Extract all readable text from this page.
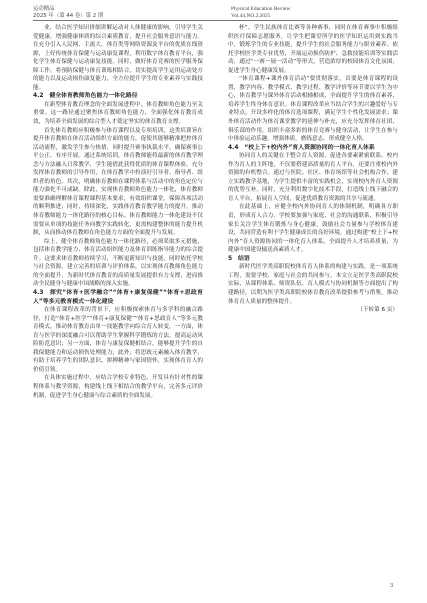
运动精品
2025 年（第 44 卷）第 2 期
Physical Education Review
Vol.44,NO.2,2025

业，结合医学知识拼细讲解运动对人体健康的影响，引导学生关爱健康，增强健康体质的综合素质教育，提升社会服务意识与能力。在充分引入人民网、主流大、体育类等网络资源及平台的优质在线资源，上好传统体育保健与运动康复课程，利用数字体育教育平台，强化学生体育保健与运动康复技能。同时，做好体育竞赛的医学服务保障工作，将预防保健与体育训练相结合，切实提高学生运用运动处方的能力以及运动损伤康复能力，全方位提升学生的专业素养与实践技能。

4.2　健全体育教师角色能力一体化路径

在新型体育教育理念的全面发展进程中，体育教师角色能力至关重要。这一路径通过聚焦体育教师角色能力，全面强化体育教育成效，为培养全面发展的综合型人才奠定坚实的体育教育支撑。

首先体育教师应积极参与体育课程以及专项培训，这类培训旨在提升体育教师在体育活动组织方面的能力，促使其能够精准把控体育活动流程，激发学生参与热情，同时提升赛事执裁水平，确保赛事公平公正、有序开展。通过系统培训，体育教师能将最新的体育教学理念与方法融入日常教学，学生能借此获得优质的体育课程体验，充分发挥体育教师的引导作用，在体育教学中扮演好引导者、指导者、组织者的角色。其次，明确体育教师在课程体系与活动中的角色定位与能力强化不可或缺。除此，实现体育教师角色能力一体化，体育教师需要准确理解体育课程课程基本要求，有效组织课堂，保障各项活动的顺利推进；同时，持续深化，实践体育教育教学能力的提升，推动体育教师能力一体化路径的核心目标。体育教师能力一体化建设不仅需要从单项的技能任务向教学实践转化，更需构建整体的能力提升机制，从而推动体育教师在角色能力方面的全面提升与发展。

综上，健全体育教师角色能力一体化路径，必须采取多元措施，包括体育教学能力、体育活动组织能力及体育训练指导能力的综合提升。这要求体育教师持续学习，不断更新知识与技能，同时依托学校与社会资源，建立完善的培训与评价体系，以实现体育教师角色能力的全面提升，为新时代体育教育的高质量发展提供有力支撑，进而推动全民健身与健康中国战略的深入实施。

4.3　探究“体育+医学融合”“体育+康复保健”“体育+思政育人”等多元教育模式一体化建设

在体育课程改革的背景下，应积极探索体育与多学科的融合路径，打造“体育+医学”“体育+康复保健”“体育+思政育人”等多元教育模式，推动体育教育由单一技能教学向综合育人转变。一方面，体育与医学的深度融合可以帮助学生掌握科学锻炼的方法，提高运动风险防范意识；另一方面，体育与康复保健相结合，能够提升学生的自我保健能力和运动损伤处理能力；此外，将思政元素融入体育教学，有助于培养学生的团队意识、拼搏精神与家国情怀，实现体育育人的价值引领。

在具体实施过程中，应结合学校专业特色，开发具有针对性的课程体系与教学资源，构建线上线下相结合的教学平台，完善多元评价机制，促进学生身心健康与综合素质的全面发展。

杯”、学生民族体育比赛等各种赛事，同时在体育赛事中积极组织医疗保障志愿服务，让学生把课堂所学的医学知识运用到实践当中，锻炼学生的专业技能，提升学生的社会服务能力与职业素养。依托学校医学类专业优势，开展运动损伤防护、急救技能培训等实践活动，通过“一赛一展一活动”等形式，营造浓厚的校园体育文化氛围，促进学生身心健康发展。

“体育课程+课外体育活动”要贯彻落实，首要是体育课程的设置，教学内容、教学模式、教学过程、教学评价等环节要以学生为中心，体育教学与课外体育活动相辅相成，全面提升学生的体育素养，培养学生终身体育意识。体育课程改革应当结合学生的兴趣爱好与专业特点，开设多样化的体育选项课程，满足学生个性化发展需求；课外体育活动作为体育课堂教学的延伸与补充，应充分发挥体育社团、俱乐部的作用，组织丰富多彩的体育竞赛与健身活动，让学生在参与中体验运动乐趣，增强体质，磨练意志，形成健全人格。

4.4　“校上下+校内外”育人资源协同的一体化育人体系

协同育人的关键在于整合育人资源，促进各要素紧密联系。校内作为育人的主阵地，不仅要搭建高质量的育人平台，还要注重校内外资源的有机整合。通过与医院、社区、体育场馆等社会机构合作，建立实践教学基地，为学生提供丰富的实践机会，实现校内外育人资源的优势互补。同时，充分利用数字化技术手段，打造线上线下融合的育人平台，拓展育人空间，促进优质教育资源的共享与流通。

在此基础上，应健全校内外协同育人的体制机制，明确各方职责，形成育人合力。学校要加强与家庭、社会的沟通联系，积极引导家长关注学生体育锻炼与身心健康，鼓励社会力量参与学校体育建设，共同营造有利于学生健康成长的良好环境。通过构建“校上下+校内外”育人资源协同的一体化育人体系，全面提升人才培养质量，为健康中国建设输送高素质人才。

5　结语

新时代医学类高职院校体育育人体系的构建与实践，是一项系统工程，需要学校、家庭与社会的共同参与。本文立足医学类高职院校实际，从课程体系、师资队伍、育人模式与协同机制等方面提出了构建路径，以期为医学类高职院校体育教育改革提供参考与借鉴，推动体育育人质量的整体提升。

（下转第 6 页）

3
